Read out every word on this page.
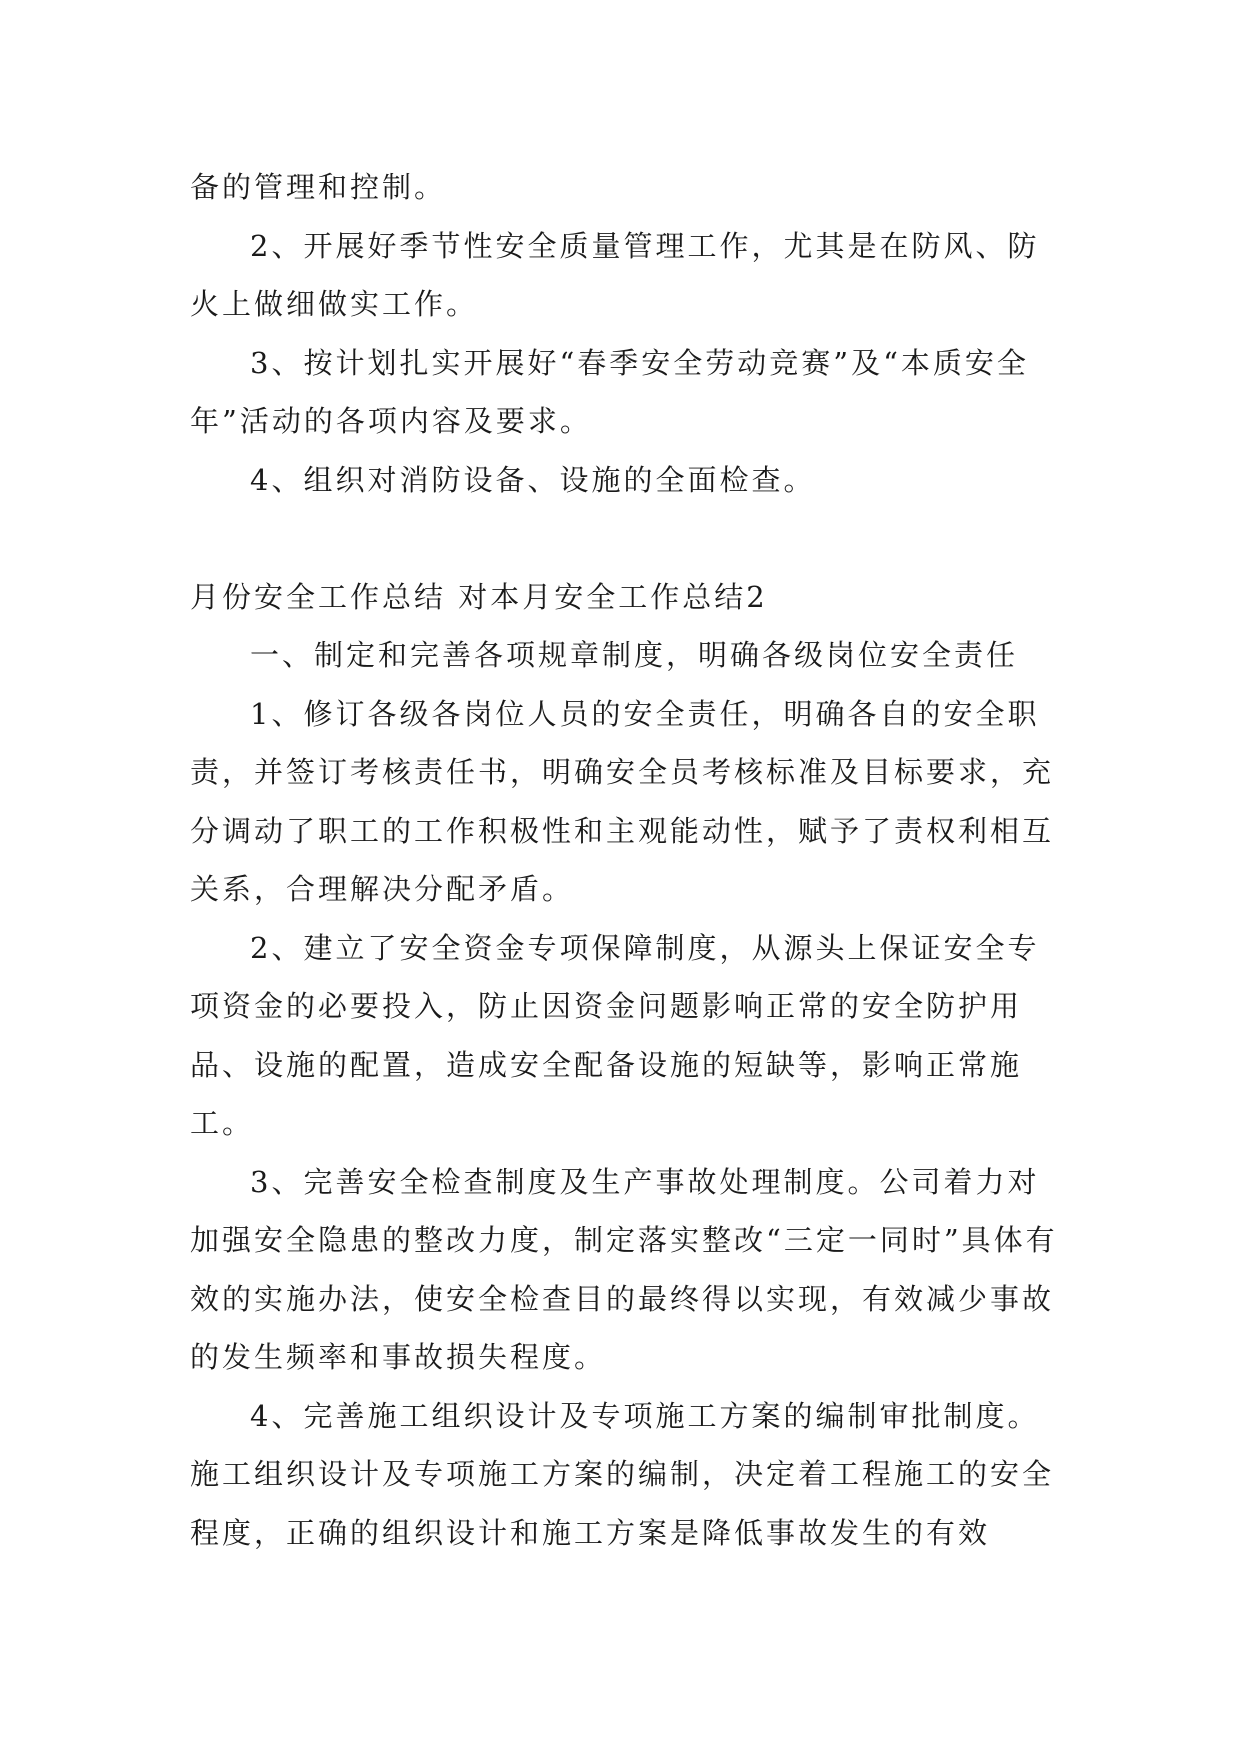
备的管理和控制。

2、开展好季节性安全质量管理工作，尤其是在防风、防火上做细做实工作。

3、按计划扎实开展好“春季安全劳动竞赛”及“本质安全年”活动的各项内容及要求。

4、组织对消防设备、设施的全面检查。

月份安全工作总结 对本月安全工作总结2

一、制定和完善各项规章制度，明确各级岗位安全责任

1、修订各级各岗位人员的安全责任，明确各自的安全职责，并签订考核责任书，明确安全员考核标准及目标要求，充分调动了职工的工作积极性和主观能动性，赋予了责权利相互关系，合理解决分配矛盾。

2、建立了安全资金专项保障制度，从源头上保证安全专项资金的必要投入，防止因资金问题影响正常的安全防护用品、设施的配置，造成安全配备设施的短缺等，影响正常施工。

3、完善安全检查制度及生产事故处理制度。公司着力对加强安全隐患的整改力度，制定落实整改“三定一同时”具体有效的实施办法，使安全检查目的最终得以实现，有效减少事故的发生频率和事故损失程度。

4、完善施工组织设计及专项施工方案的编制审批制度。施工组织设计及专项施工方案的编制，决定着工程施工的安全程度，正确的组织设计和施工方案是降低事故发生的有效
